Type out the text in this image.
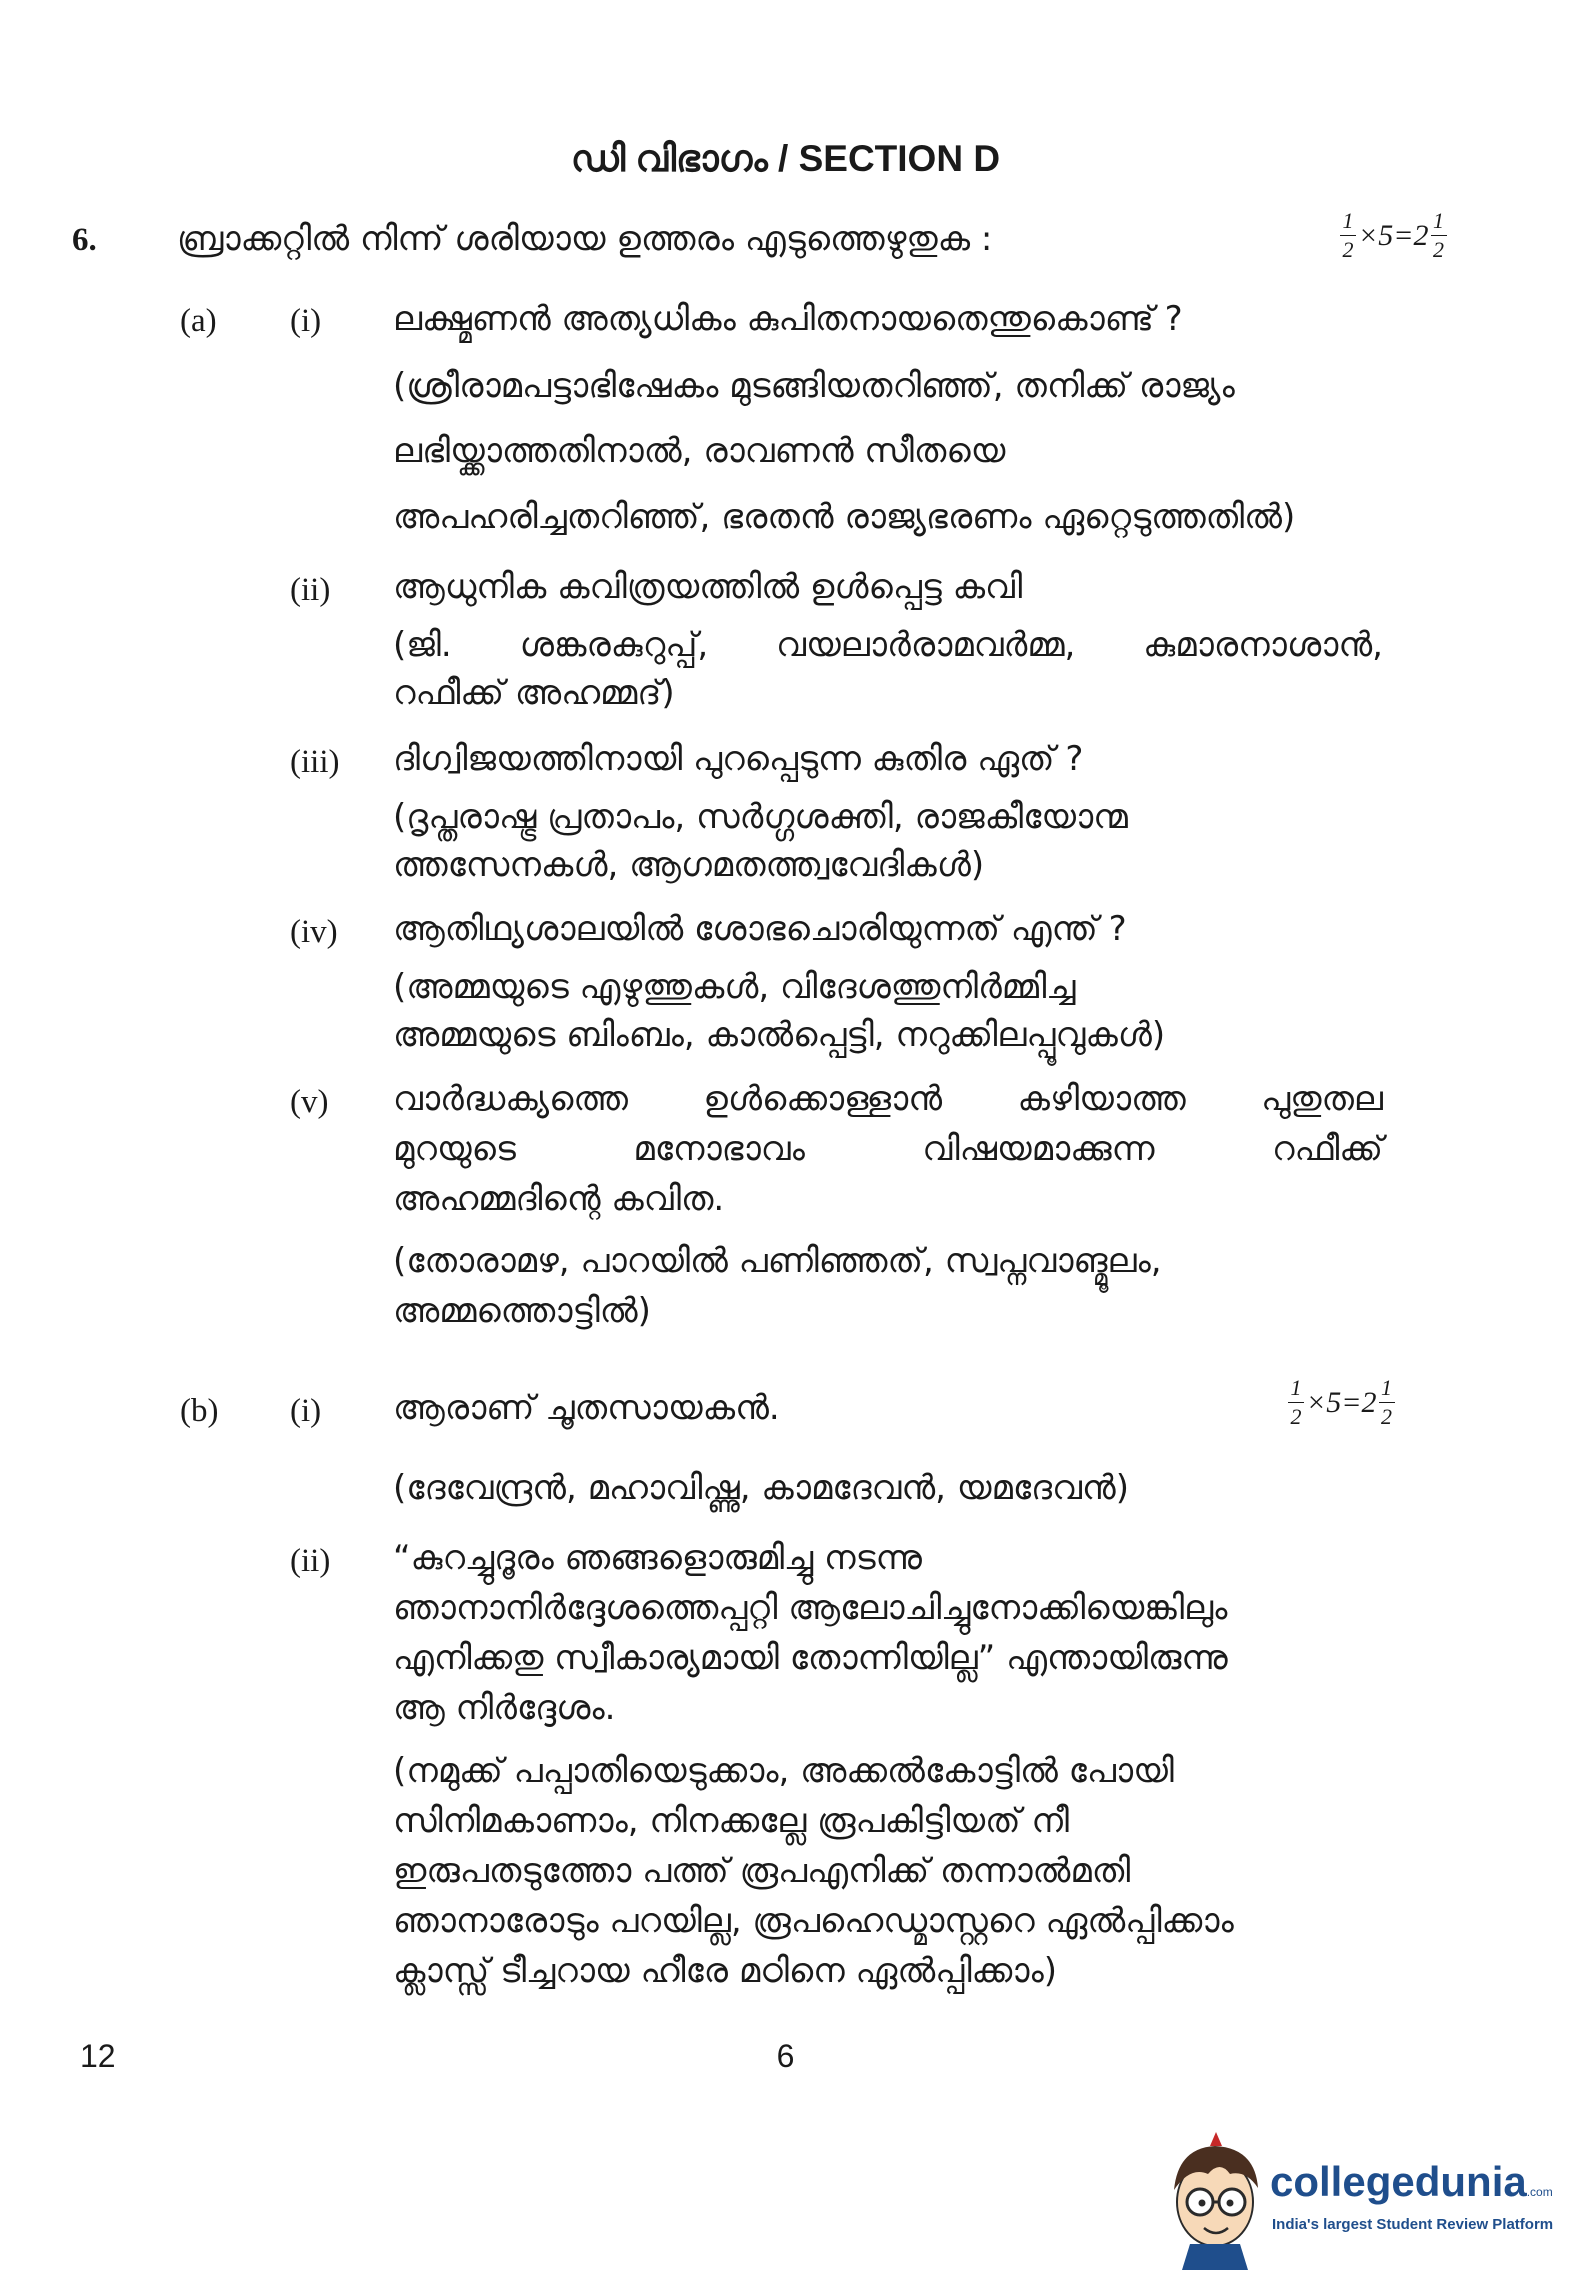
ഡി വിഭാഗം / SECTION D
6. ബ്രാക്കറ്റിൽ നിന്ന് ശരിയായ ഉത്തരം എടുത്തെഴുതുക :	$\frac{1}{2} \times 5=2 \frac{1}{2}$
(a) (i) ലക്ഷ്മണൻ അത്യധികം കുപിതനായതെന്തുകൊണ്ട് ?
(ശ്രീരാമപട്ടാഭിഷേകം മുടങ്ങിയതറിഞ്ഞ്, തനിക്ക് രാജ്യം
ലഭിയ്ക്കാത്തതിനാൽ, രാവണൻ സീതയെ
അപഹരിച്ചതറിഞ്ഞ്, ഭരതൻ രാജ്യഭരണം ഏറ്റെടുത്തതിൽ)
(ii) ആധുനിക കവിത്രയത്തിൽ ഉൾപ്പെട്ട കവി
(ജി. ശങ്കരകുറുപ്പ്, വയലാർരാമവർമ്മ, കുമാരനാശാൻ,
റഫീക്ക് അഹമ്മദ്)
(iii) ദിഗ്വിജയത്തിനായി പുറപ്പെടുന്ന കുതിര ഏത് ?
(ദൃപ്തരാഷ്ട്ര പ്രതാപം, സർഗ്ഗശക്തി, രാജകീയോന്മ
ത്തസേനകൾ, ആഗമതത്ത്വവേദികൾ)
(iv) ആതിഥ്യശാലയിൽ ശോഭചൊരിയുന്നത് എന്ത് ?
(അമ്മയുടെ എഴുത്തുകൾ, വിദേശത്തുനിർമ്മിച്ച
അമ്മയുടെ ബിംബം, കാൽപ്പെട്ടി, നറുക്കിലപ്പൂവുകൾ)
(v) വാർദ്ധക്യത്തെ ഉൾക്കൊള്ളാൻ കഴിയാത്ത പുതുതല
മുറയുടെ മനോഭാവം വിഷയമാക്കുന്ന റഫീക്ക്
അഹമ്മദിന്റെ കവിത.
(തോരാമഴ, പാറയിൽ പണിഞ്ഞത്, സ്വപ്നവാങ്മൂലം,
അമ്മത്തൊട്ടിൽ)
(b)	$\frac{1}{2} \times 5=2 \frac{1}{2}$
(i) ആരാണ് ചൂതസായകൻ.
(ദേവേന്ദ്രൻ, മഹാവിഷ്ണു, കാമദേവൻ, യമദേവൻ)
(ii) “കുറച്ചുദൂരം ഞങ്ങളൊരുമിച്ചു നടന്നു
ഞാനാനിർദ്ദേശത്തെപ്പറ്റി ആലോചിച്ചുനോക്കിയെങ്കിലും
എനിക്കതു സ്വീകാര്യമായി തോന്നിയില്ല” എന്തായിരുന്നു
ആ നിർദ്ദേശം.
(നമുക്ക് പപ്പാതിയെടുക്കാം, അക്കൽകോട്ടിൽ പോയി
സിനിമകാണാം, നിനക്കല്ലേ രൂപകിട്ടിയത് നീ
ഇരുപതടുത്തോ പത്ത് രൂപഎനിക്ക് തന്നാൽമതി
ഞാനാരോടും പറയില്ല, രൂപഹെഡ്മാസ്റ്ററെ ഏൽപ്പിക്കാം
ക്ലാസ്സ് ടീച്ചറായ ഹീരേ മഠിനെ ഏൽപ്പിക്കാം)
12	6
collegedunia.com
India's largest Student Review Platform
